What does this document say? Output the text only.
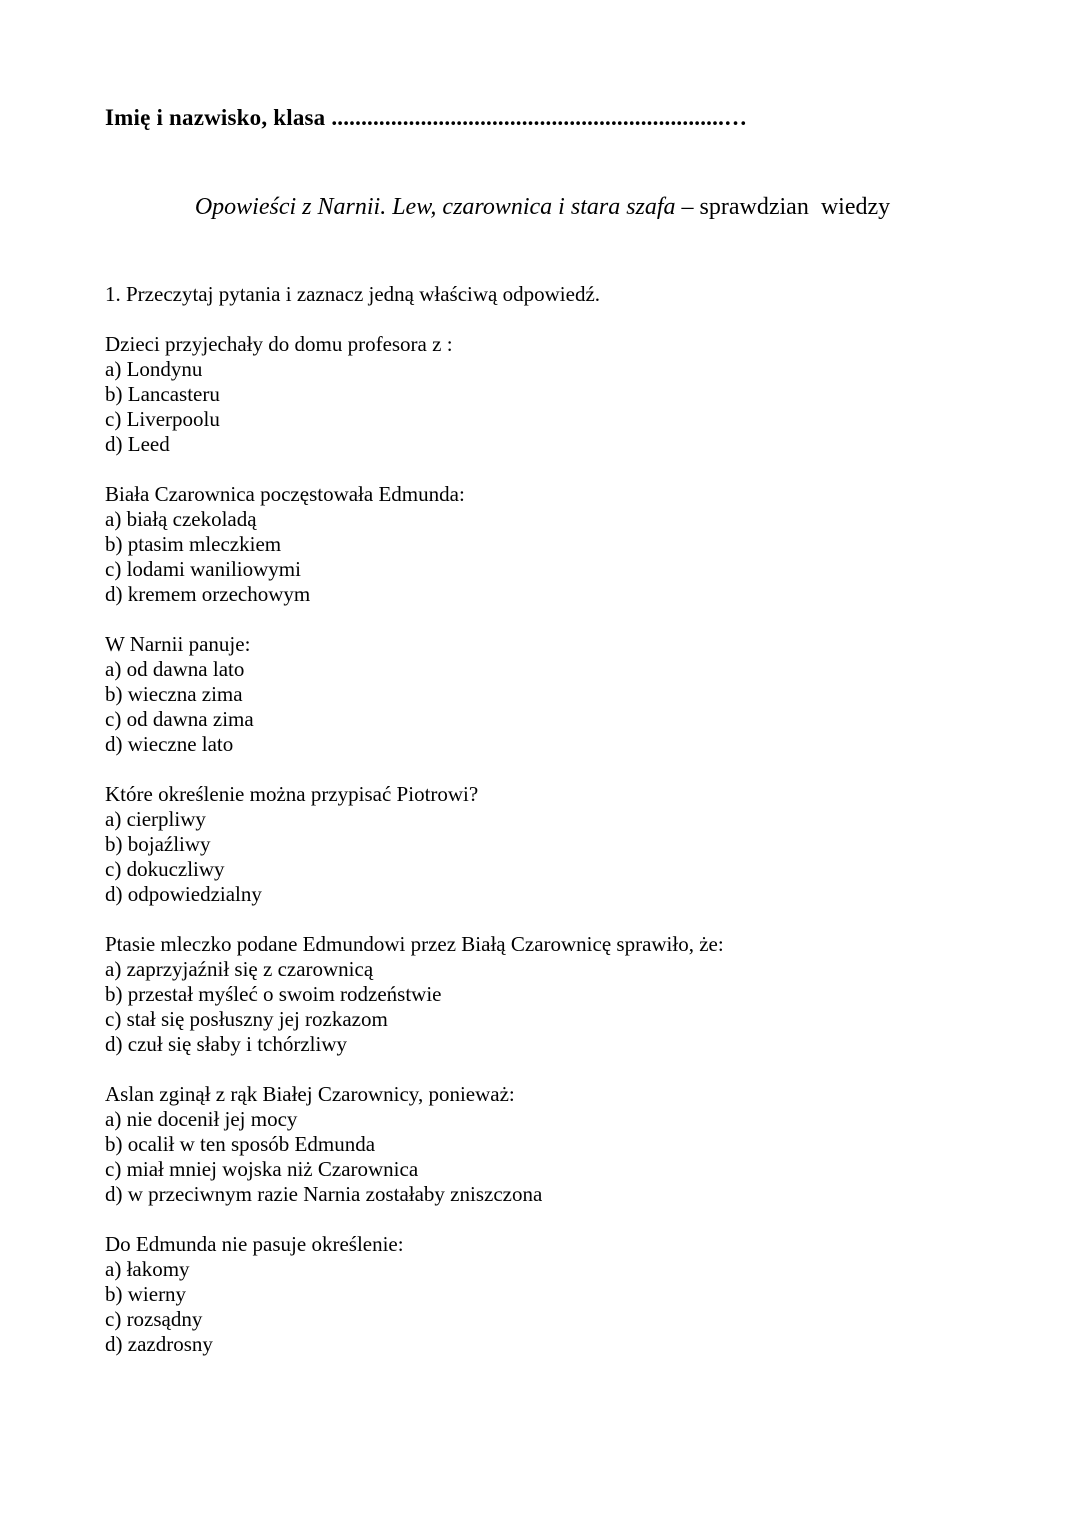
Imię i nazwisko, klasa ..................................................................…
Opowieści z Narnii. Lew, czarownica i stara szafa – sprawdzian  wiedzy
1. Przeczytaj pytania i zaznacz jedną właściwą odpowiedź.
Dzieci przyjechały do domu profesora z :
a) Londynu
b) Lancasteru
c) Liverpoolu
d) Leed
Biała Czarownica poczęstowała Edmunda:
a) białą czekoladą
b) ptasim mleczkiem
c) lodami waniliowymi
d) kremem orzechowym
W Narnii panuje:
a) od dawna lato
b) wieczna zima
c) od dawna zima
d) wieczne lato
Które określenie można przypisać Piotrowi?
a) cierpliwy
b) bojaźliwy
c) dokuczliwy
d) odpowiedzialny
Ptasie mleczko podane Edmundowi przez Białą Czarownicę sprawiło, że:
a) zaprzyjaźnił się z czarownicą
b) przestał myśleć o swoim rodzeństwie
c) stał się posłuszny jej rozkazom
d) czuł się słaby i tchórzliwy
Aslan zginął z rąk Białej Czarownicy, ponieważ:
a) nie docenił jej mocy
b) ocalił w ten sposób Edmunda
c) miał mniej wojska niż Czarownica
d) w przeciwnym razie Narnia zostałaby zniszczona
Do Edmunda nie pasuje określenie:
a) łakomy
b) wierny
c) rozsądny
d) zazdrosny
